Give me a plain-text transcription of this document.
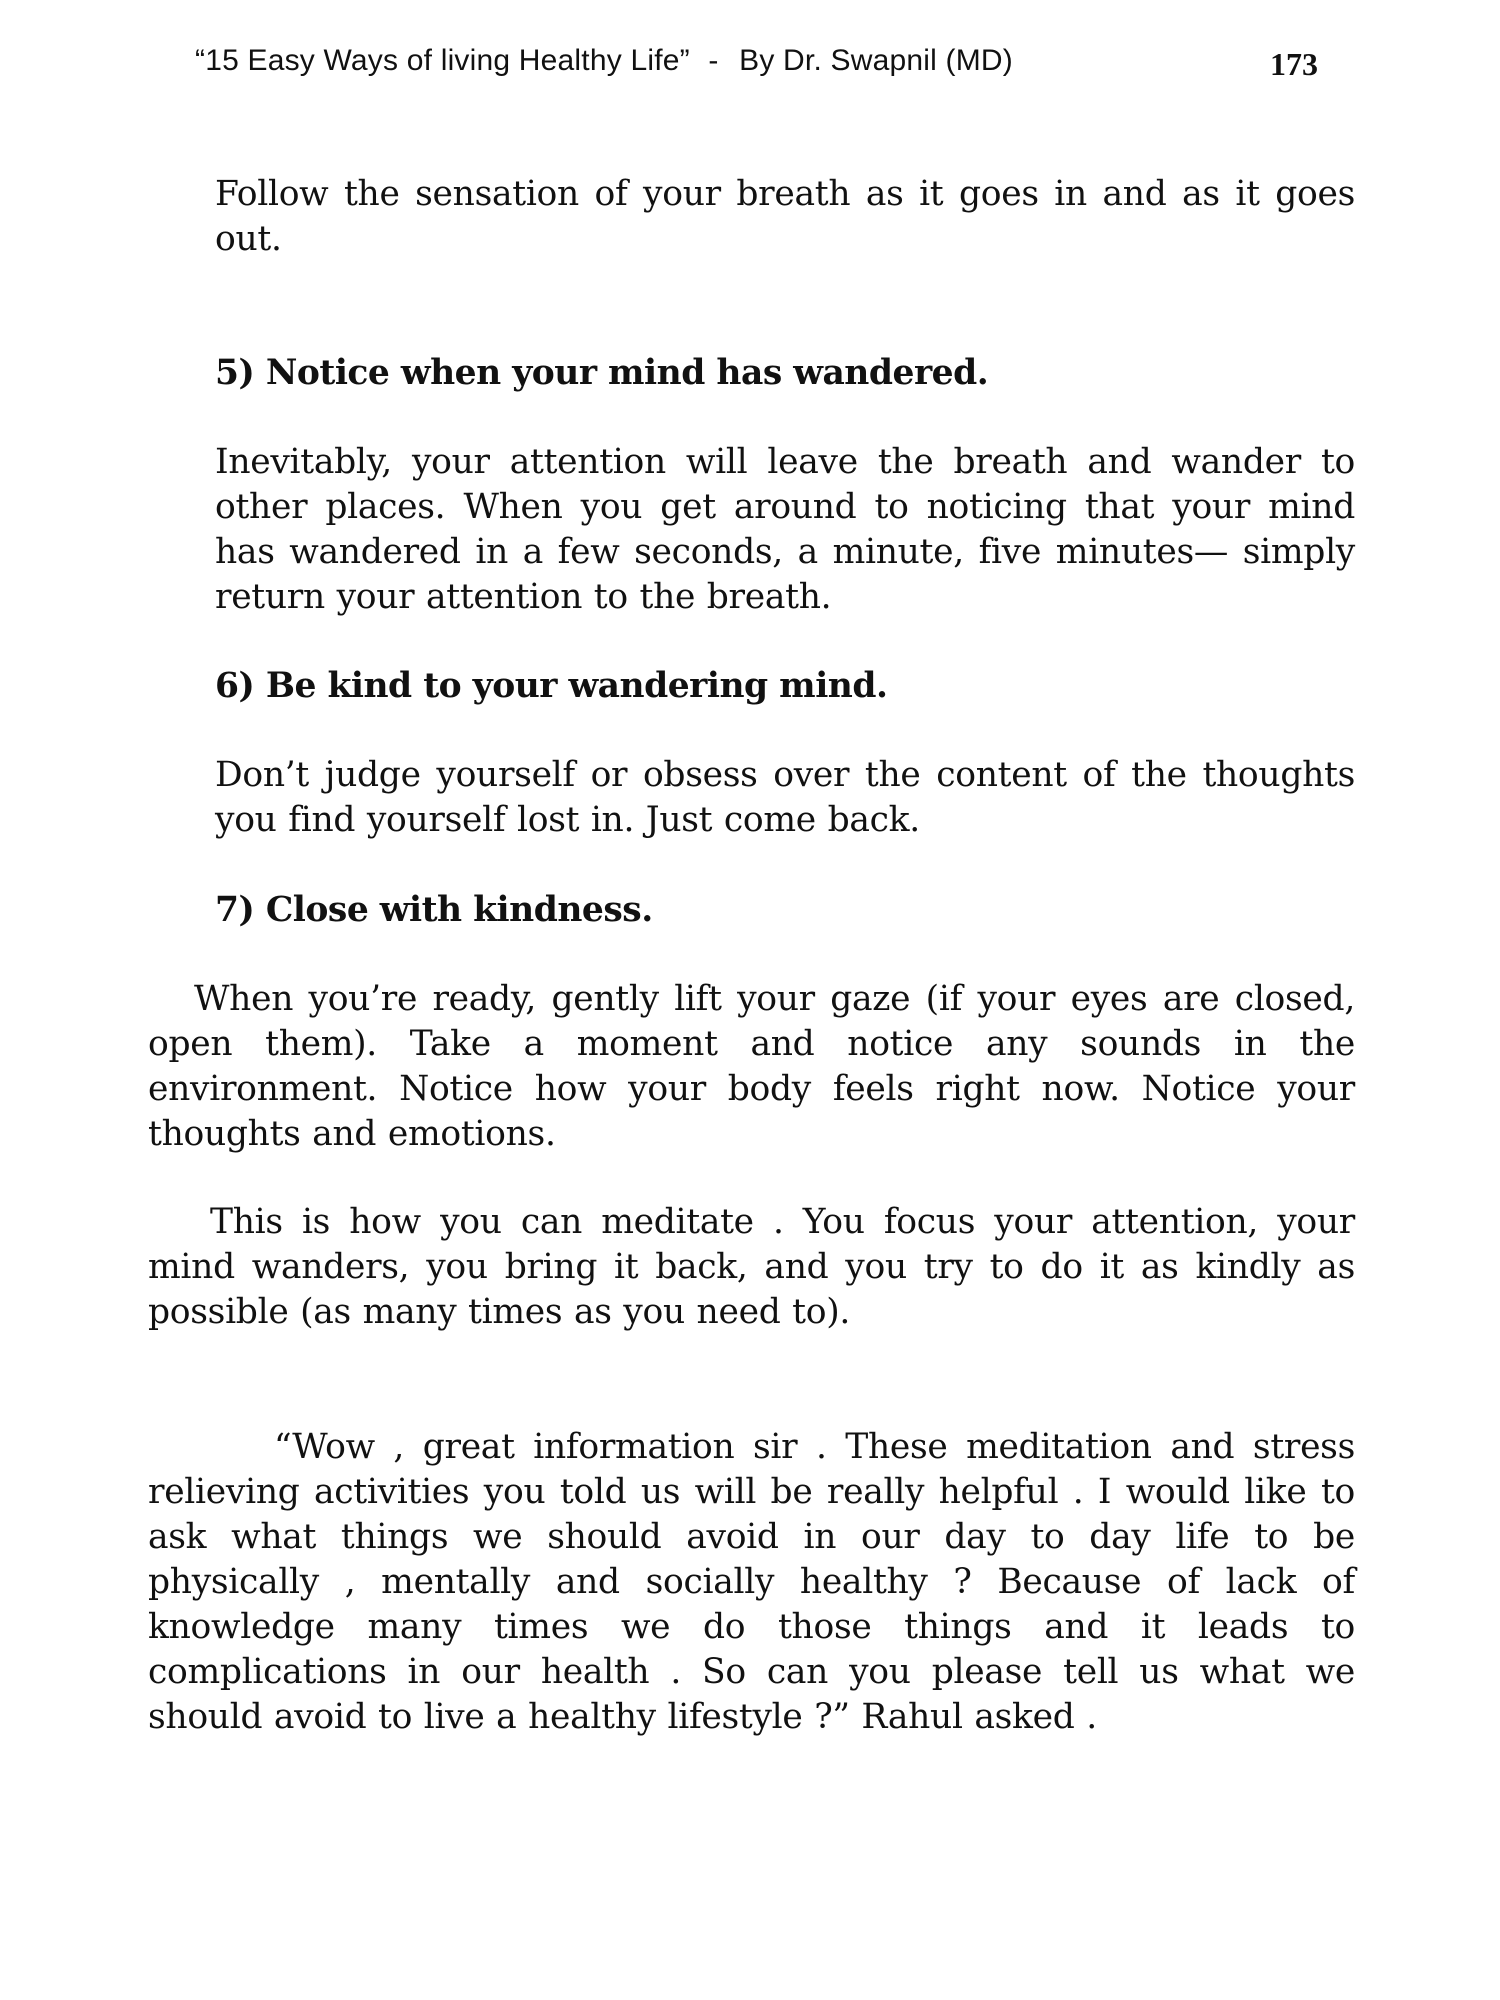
“15 Easy Ways of living Healthy Life” - By Dr. Swapnil (MD)	173

Follow the sensation of your breath as it goes in and as it goes out.

5) Notice when your mind has wandered.

Inevitably, your attention will leave the breath and wander to other places. When you get around to noticing that your mind has wandered in a few seconds, a minute, five minutes— simply return your attention to the breath.

6) Be kind to your wandering mind.

Don’t judge yourself or obsess over the content of the thoughts you find yourself lost in. Just come back.

7) Close with kindness.

When you’re ready, gently lift your gaze (if your eyes are closed, open them). Take a moment and notice any sounds in the environment. Notice how your body feels right now. Notice your thoughts and emotions.

This is how you can meditate . You focus your attention, your mind wanders, you bring it back, and you try to do it as kindly as possible (as many times as you need to).

“Wow , great information sir . These meditation and stress relieving activities you told us will be really helpful . I would like to ask what things we should avoid in our day to day life to be physically , mentally and socially healthy ? Because of lack of knowledge many times we do those things and it leads to complications in our health . So can you please tell us what we should avoid to live a healthy lifestyle ?” Rahul asked .
